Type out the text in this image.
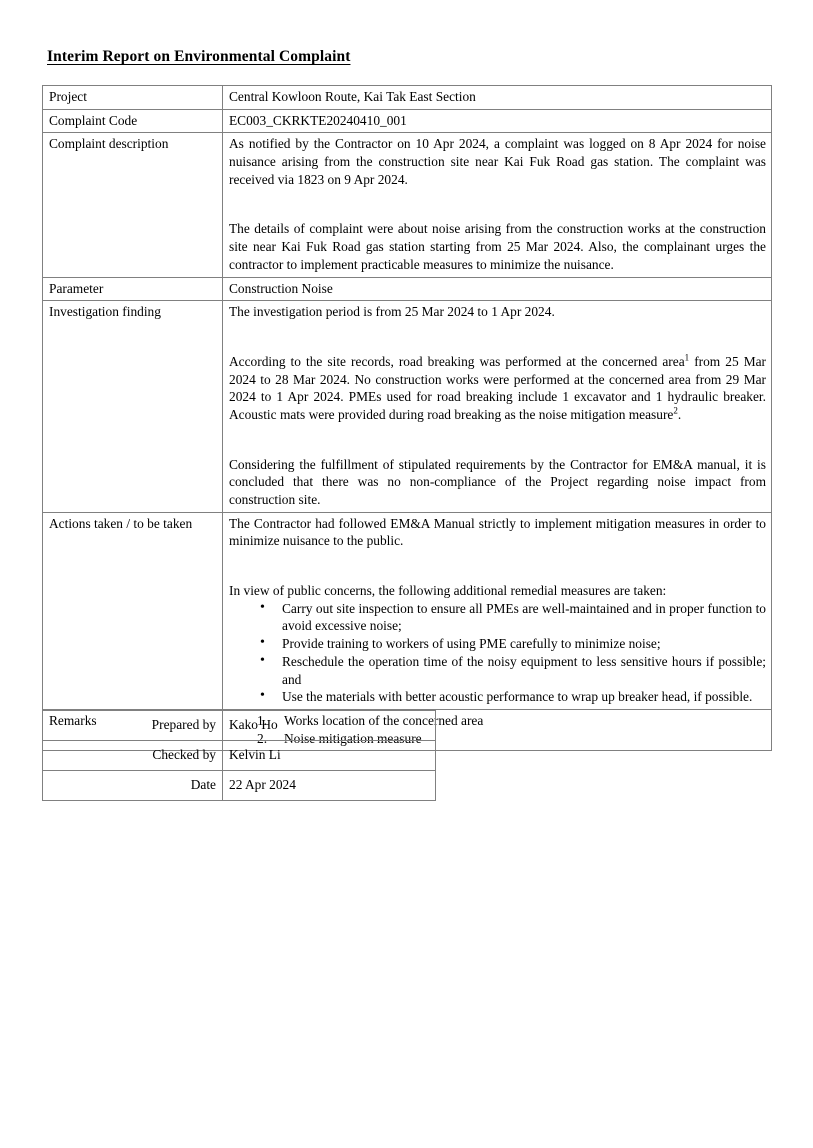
Interim Report on Environmental Complaint
Project	Central Kowloon Route, Kai Tak East Section
Complaint Code	EC003_CKRKTE20240410_001
Complaint description	As notified by the Contractor on 10 Apr 2024, a complaint was logged on 8 Apr 2024 for noise nuisance arising from the construction site near Kai Fuk Road gas station. The complaint was received via 1823 on 9 Apr 2024.

The details of complaint were about noise arising from the construction works at the construction site near Kai Fuk Road gas station starting from 25 Mar 2024. Also, the complainant urges the contractor to implement practicable measures to minimize the nuisance.

Parameter	Construction Noise
Investigation finding	The investigation period is from 25 Mar 2024 to 1 Apr 2024.

According to the site records, road breaking was performed at the concerned area$^1$ from 25 Mar 2024 to 28 Mar 2024. No construction works were performed at the concerned area from 29 Mar 2024 to 1 Apr 2024. PMEs used for road breaking include 1 excavator and 1 hydraulic breaker. Acoustic mats were provided during road breaking as the noise mitigation measure$^2$.

Considering the fulfillment of stipulated requirements by the Contractor for EM&A manual, it is concluded that there was no non-compliance of the Project regarding noise impact from construction site.

Actions taken / to be taken	The Contractor had followed EM&A Manual strictly to implement mitigation measures in order to minimize nuisance to the public.

In view of public concerns, the following additional remedial measures are taken:

• Carry out site inspection to ensure all PMEs are well-maintained and in proper function to avoid excessive noise;
• Provide training to workers of using PME carefully to minimize noise;
• Reschedule the operation time of the noisy equipment to less sensitive hours if possible; and
• Use the materials with better acoustic performance to wrap up breaker head, if possible.

Remarks	Works location of the concerned area
Noise mitigation measure
Prepared by	Kako Ho
Checked by	Kelvin Li
Date	22 Apr 2024
